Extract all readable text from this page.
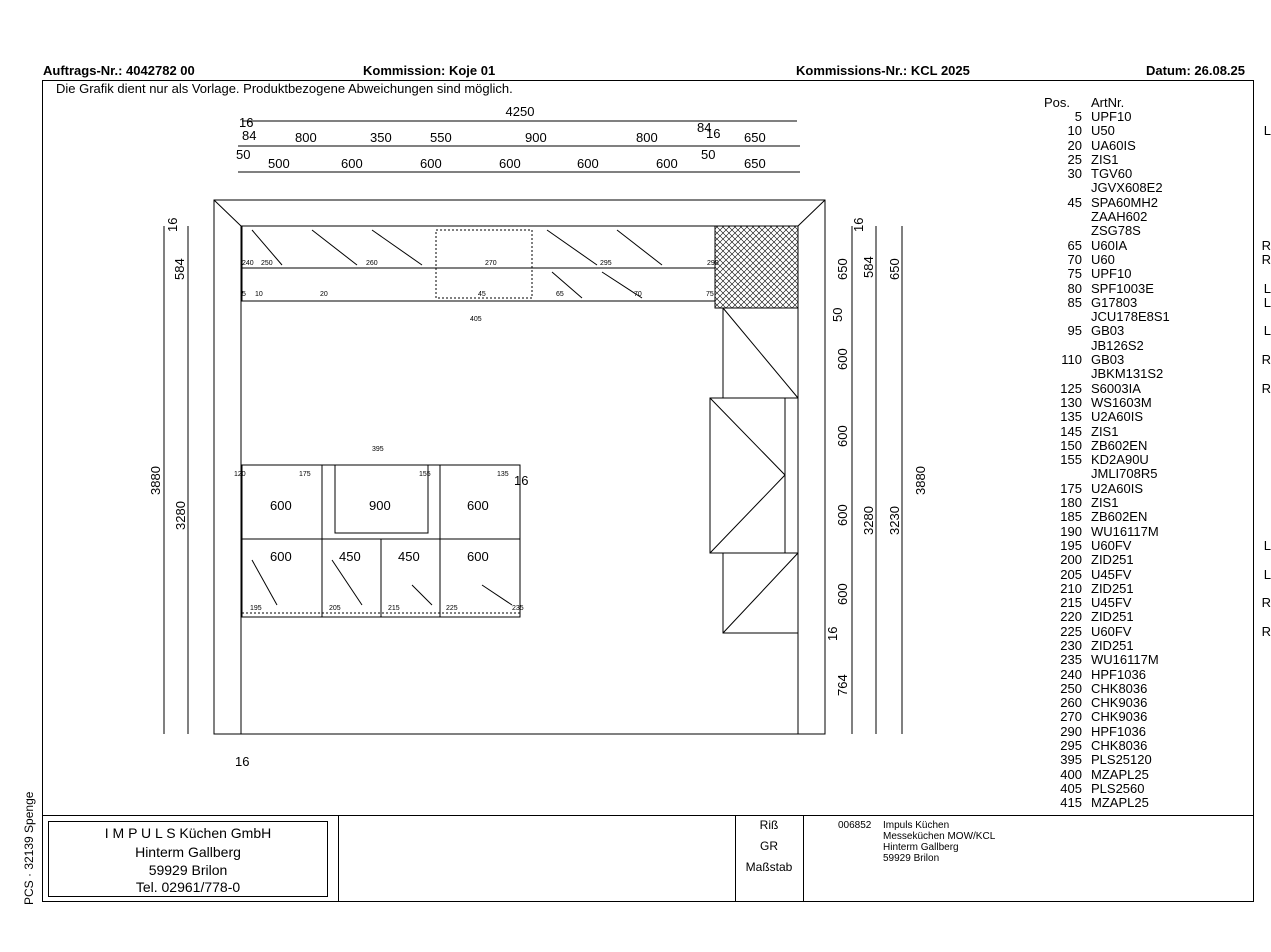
Auftrags-Nr.: 4042782 00	Kommission: Koje 01	Kommissions-Nr.: KCL 2025	Datum: 26.08.25
Die Grafik dient nur als Vorlage. Produktbezogene Abweichungen sind möglich.
4250
16
84	800	350	550	900	800
84
16 650
50
500	600	600	600	600	600
50
650
16
584
3880
3280
16
650 584 650
50
600
600
600
600
16
764
3280 3230
3880
16
600	900	600
16
600	450	450	600
240 250	260	270	290
295
5 10	20	45	65	70	75
405
395
120	175	155	135
195	205	215	225	235
Pos. ArtNr.
5 UPF10
10 U50	L
20 UA60IS
25 ZIS1
30 TGV60
JGVX608E2
45 SPA60MH2
ZAAH602
ZSG78S
65 U60IA	R
70 U60	R
75 UPF10
80 SPF1003E	L
85 G17803	L
JCU178E8S1
95 GB03	L
JB126S2
110 GB03	R
JBKM131S2
125 S6003IA	R
130 WS1603M
135 U2A60IS
145 ZIS1
150 ZB602EN
155 KD2A90U
JMLI708R5
175 U2A60IS
180 ZIS1
185 ZB602EN
190 WU16117M
195 U60FV	L
200 ZID251
205 U45FV	L
210 ZID251
215 U45FV	R
220 ZID251
225 U60FV	R
230 ZID251
235 WU16117M
240 HPF1036
250 CHK8036
260 CHK9036
270 CHK9036
290 HPF1036
295 CHK8036
395 PLS25120
400 MZAPL25
405 PLS2560
415 MZAPL25
I M P U L S Küchen GmbH
Hinterm Gallberg
59929 Brilon
Tel. 02961/778-0
Riß
GR
Maßstab
006852 Impuls Küchen
Messeküchen MOW/KCL
Hinterm Gallberg
59929 Brilon
PCS · 32139 Spenge
